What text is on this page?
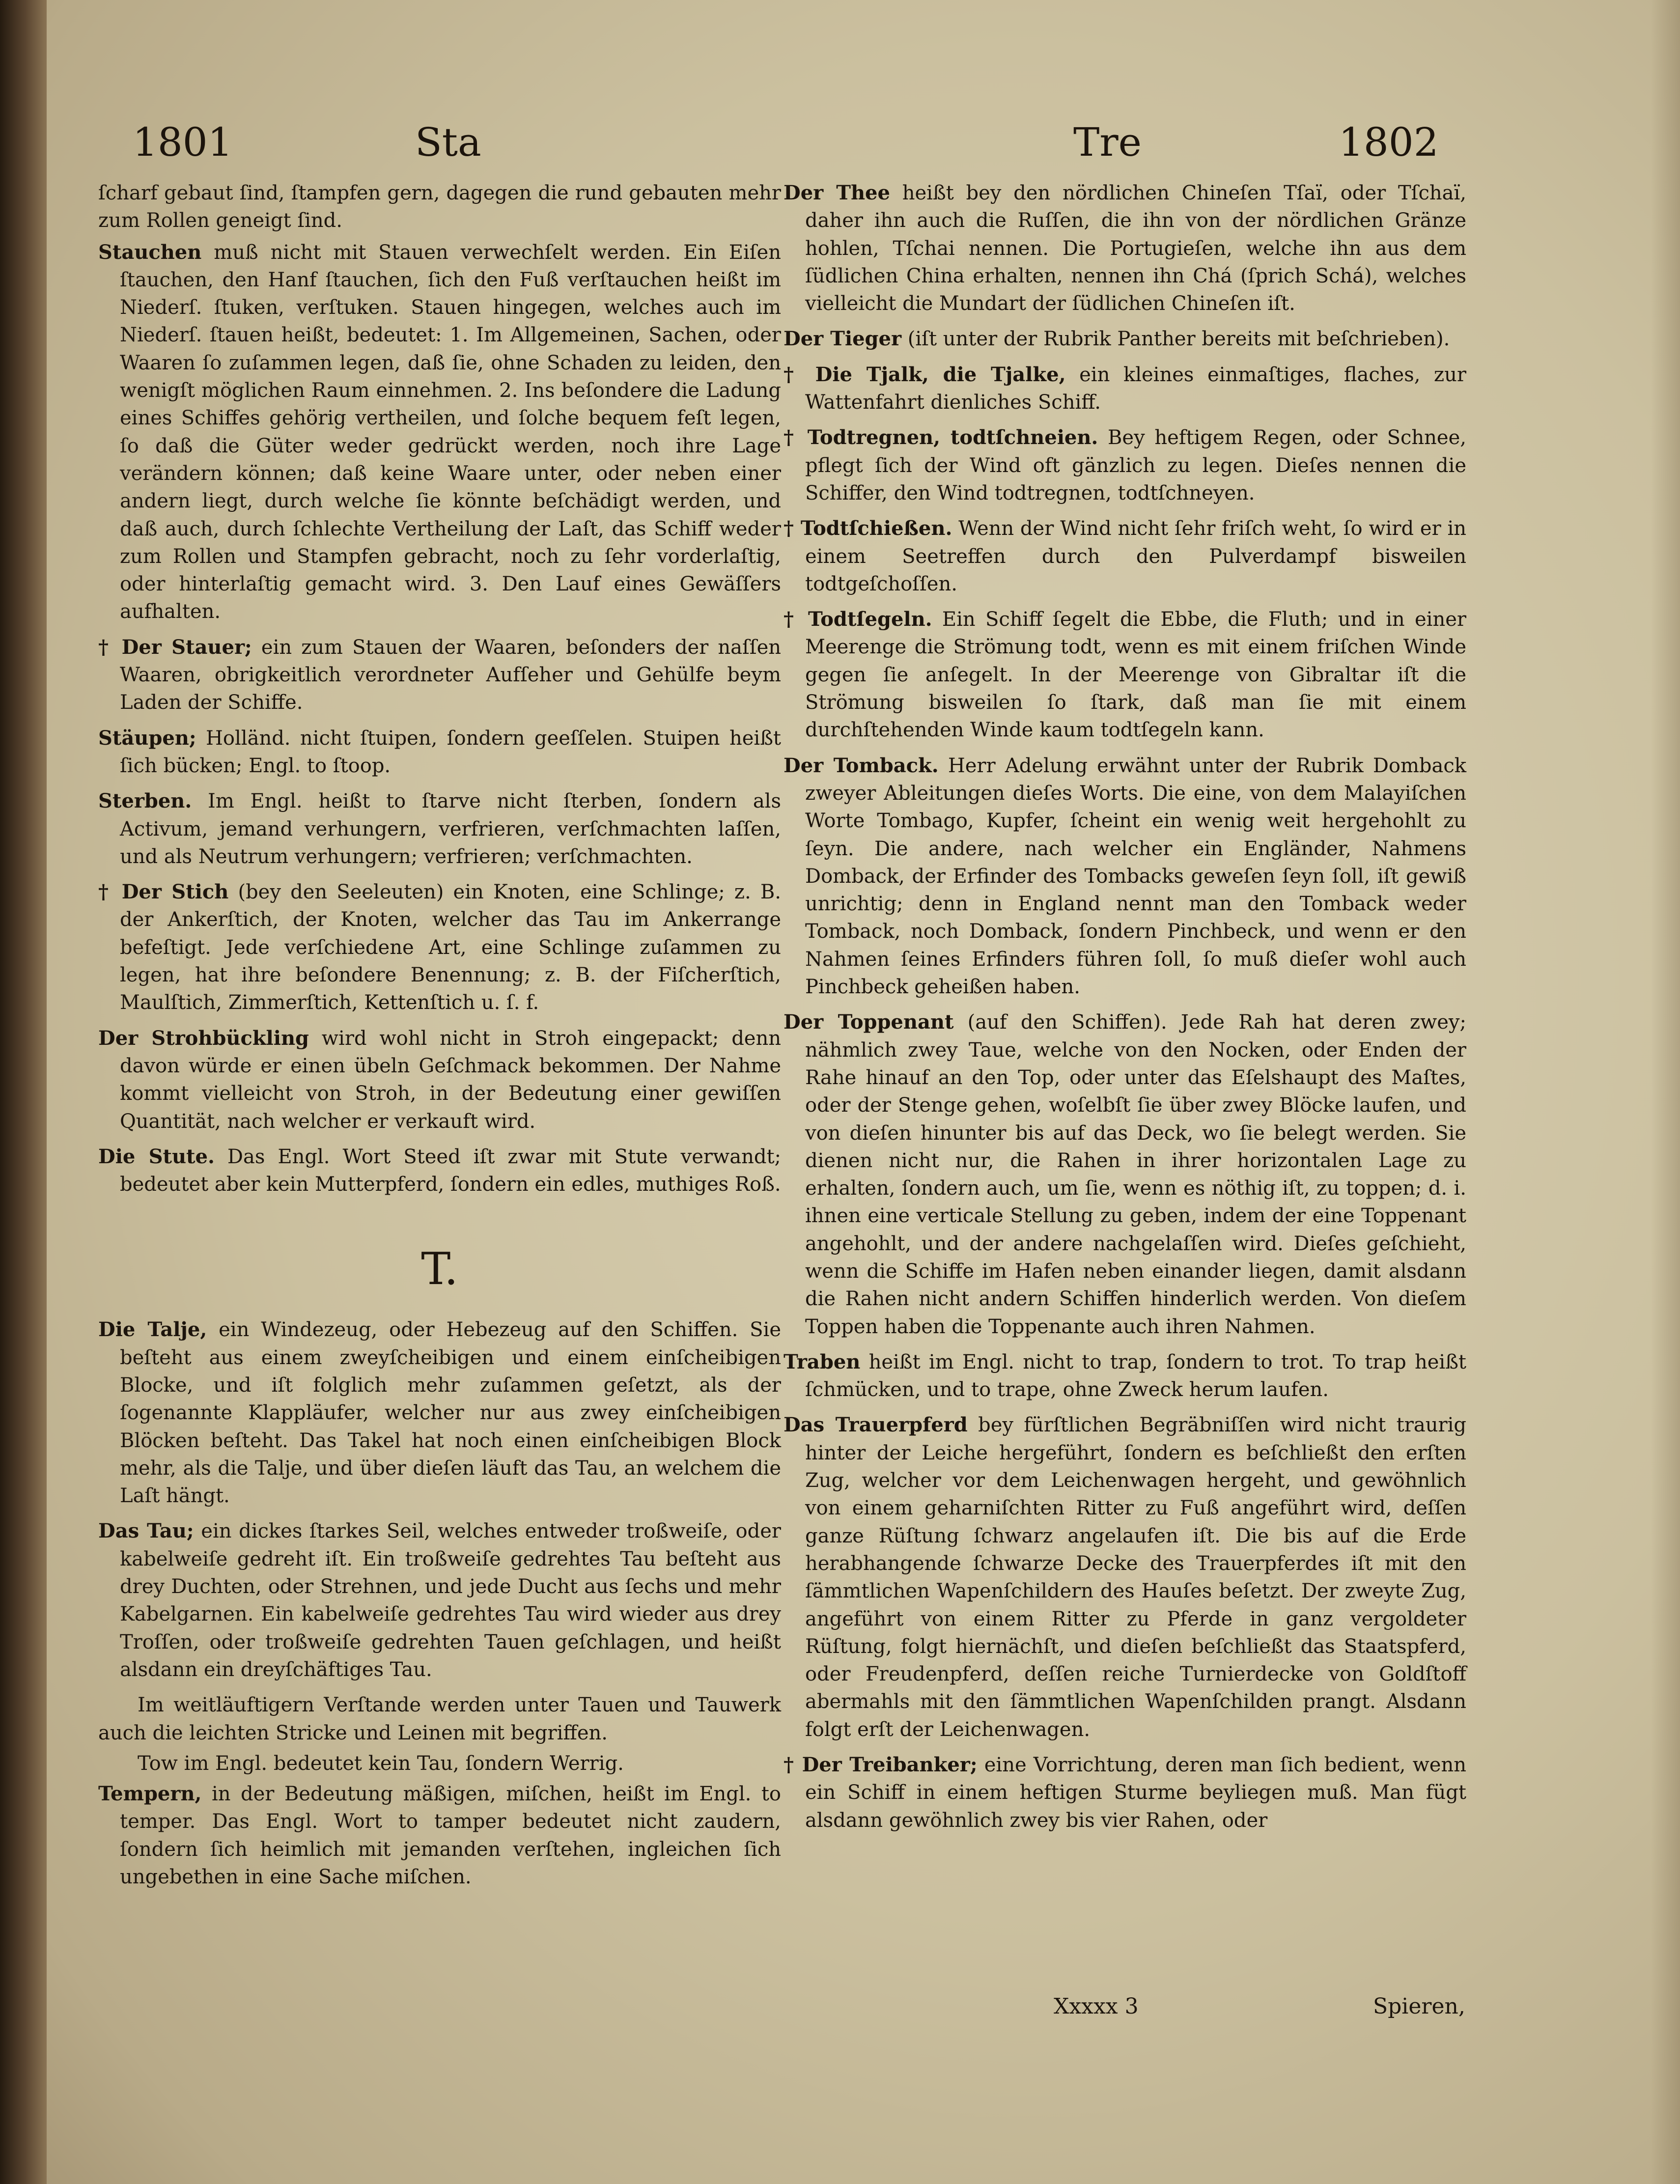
1801	Sta	Tre	1802

ſcharf gebaut ſind, ſtampfen gern, dagegen die rund gebauten mehr zum Rollen geneigt ſind.

Stauchen muß nicht mit Stauen verwechſelt werden. Ein Eiſen ſtauchen, den Hanf ſtauchen, ſich den Fuß verſtauchen heißt im Niederſ. ſtuken, verſtuken. Stauen hingegen, welches auch im Niederſ. ſtauen heißt, bedeutet: 1. Im Allgemeinen, Sachen, oder Waaren ſo zuſammen legen, daß ſie, ohne Schaden zu leiden, den wenigſt möglichen Raum einnehmen. 2. Ins beſondere die Ladung eines Schiffes gehörig vertheilen, und ſolche bequem feſt legen, ſo daß die Güter weder gedrückt werden, noch ihre Lage verändern können; daß keine Waare unter, oder neben einer andern liegt, durch welche ſie könnte beſchädigt werden, und daß auch, durch ſchlechte Vertheilung der Laſt, das Schiff weder zum Rollen und Stampfen gebracht, noch zu ſehr vorderlaſtig, oder hinterlaſtig gemacht wird. 3. Den Lauf eines Gewäſſers aufhalten.

† Der Stauer; ein zum Stauen der Waaren, beſonders der naſſen Waaren, obrigkeitlich verordneter Aufſeher und Gehülfe beym Laden der Schiffe.

Stäupen; Holländ. nicht ſtuipen, ſondern geeſſelen. Stuipen heißt ſich bücken; Engl. to ſtoop.

Sterben. Im Engl. heißt to ſtarve nicht ſterben, ſondern als Activum, jemand verhungern, verfrieren, verſchmachten laſſen, und als Neutrum verhungern; verfrieren; verſchmachten.

† Der Stich (bey den Seeleuten) ein Knoten, eine Schlinge; z. B. der Ankerſtich, der Knoten, welcher das Tau im Ankerrange befeſtigt. Jede verſchiedene Art, eine Schlinge zuſammen zu legen, hat ihre beſondere Benennung; z. B. der Fiſcherſtich, Maulſtich, Zimmerſtich, Kettenſtich u. ſ. f.

Der Strohbückling wird wohl nicht in Stroh eingepackt; denn davon würde er einen übeln Geſchmack bekommen. Der Nahme kommt vielleicht von Stroh, in der Bedeutung einer gewiſſen Quantität, nach welcher er verkauft wird.

Die Stute. Das Engl. Wort Steed iſt zwar mit Stute verwandt; bedeutet aber kein Mutterpferd, ſondern ein edles, muthiges Roß.

T.

Die Talje, ein Windezeug, oder Hebezeug auf den Schiffen. Sie beſteht aus einem zweyſcheibigen und einem einſcheibigen Blocke, und iſt folglich mehr zuſammen geſetzt, als der ſogenannte Klappläufer, welcher nur aus zwey einſcheibigen Blöcken beſteht. Das Takel hat noch einen einſcheibigen Block mehr, als die Talje, und über dieſen läuft das Tau, an welchem die Laſt hängt.

Das Tau; ein dickes ſtarkes Seil, welches entweder troßweiſe, oder kabelweiſe gedreht iſt. Ein troßweiſe gedrehtes Tau beſteht aus drey Duchten, oder Strehnen, und jede Ducht aus ſechs und mehr Kabelgarnen. Ein kabelweiſe gedrehtes Tau wird wieder aus drey Troſſen, oder troßweiſe gedrehten Tauen geſchlagen, und heißt alsdann ein dreyſchäftiges Tau.

Im weitläuftigern Verſtande werden unter Tauen und Tauwerk auch die leichten Stricke und Leinen mit begriffen.

Tow im Engl. bedeutet kein Tau, ſondern Werrig.

Tempern, in der Bedeutung mäßigen, miſchen, heißt im Engl. to temper. Das Engl. Wort to tamper bedeutet nicht zaudern, ſondern ſich heimlich mit jemanden verſtehen, ingleichen ſich ungebethen in eine Sache miſchen.

Der Thee heißt bey den nördlichen Chineſen Tſaï, oder Tſchaï, daher ihn auch die Ruſſen, die ihn von der nördlichen Gränze hohlen, Tſchai nennen. Die Portugieſen, welche ihn aus dem ſüdlichen China erhalten, nennen ihn Chá (ſprich Schá), welches vielleicht die Mundart der ſüdlichen Chineſen iſt.

Der Tieger (iſt unter der Rubrik Panther bereits mit beſchrieben).

† Die Tjalk, die Tjalke, ein kleines einmaſtiges, flaches, zur Wattenfahrt dienliches Schiff.

† Todtregnen, todtſchneien. Bey heftigem Regen, oder Schnee, pflegt ſich der Wind oft gänzlich zu legen. Dieſes nennen die Schiffer, den Wind todtregnen, todtſchneyen.

† Todtſchießen. Wenn der Wind nicht ſehr friſch weht, ſo wird er in einem Seetreffen durch den Pulverdampf bisweilen todtgeſchoſſen.

† Todtſegeln. Ein Schiff ſegelt die Ebbe, die Fluth; und in einer Meerenge die Strömung todt, wenn es mit einem friſchen Winde gegen ſie anſegelt. In der Meerenge von Gibraltar iſt die Strömung bisweilen ſo ſtark, daß man ſie mit einem durchſtehenden Winde kaum todtſegeln kann.

Der Tomback. Herr Adelung erwähnt unter der Rubrik Domback zweyer Ableitungen dieſes Worts. Die eine, von dem Malayiſchen Worte Tombago, Kupfer, ſcheint ein wenig weit hergehohlt zu ſeyn. Die andere, nach welcher ein Engländer, Nahmens Domback, der Erfinder des Tombacks geweſen ſeyn ſoll, iſt gewiß unrichtig; denn in England nennt man den Tomback weder Tomback, noch Domback, ſondern Pinchbeck, und wenn er den Nahmen ſeines Erfinders führen ſoll, ſo muß dieſer wohl auch Pinchbeck geheißen haben.

Der Toppenant (auf den Schiffen). Jede Rah hat deren zwey; nähmlich zwey Taue, welche von den Nocken, oder Enden der Rahe hinauf an den Top, oder unter das Eſelshaupt des Maſtes, oder der Stenge gehen, woſelbſt ſie über zwey Blöcke laufen, und von dieſen hinunter bis auf das Deck, wo ſie belegt werden. Sie dienen nicht nur, die Rahen in ihrer horizontalen Lage zu erhalten, ſondern auch, um ſie, wenn es nöthig iſt, zu toppen; d. i. ihnen eine verticale Stellung zu geben, indem der eine Toppenant angehohlt, und der andere nachgelaſſen wird. Dieſes geſchieht, wenn die Schiffe im Hafen neben einander liegen, damit alsdann die Rahen nicht andern Schiffen hinderlich werden. Von dieſem Toppen haben die Toppenante auch ihren Nahmen.

Traben heißt im Engl. nicht to trap, ſondern to trot. To trap heißt ſchmücken, und to trape, ohne Zweck herum laufen.

Das Trauerpferd bey fürſtlichen Begräbniſſen wird nicht traurig hinter der Leiche hergeführt, ſondern es beſchließt den erſten Zug, welcher vor dem Leichenwagen hergeht, und gewöhnlich von einem geharniſchten Ritter zu Fuß angeführt wird, deſſen ganze Rüſtung ſchwarz angelaufen iſt. Die bis auf die Erde herabhangende ſchwarze Decke des Trauerpferdes iſt mit den ſämmtlichen Wapenſchildern des Hauſes beſetzt. Der zweyte Zug, angeführt von einem Ritter zu Pferde in ganz vergoldeter Rüſtung, folgt hiernächſt, und dieſen beſchließt das Staatspferd, oder Freudenpferd, deſſen reiche Turnierdecke von Goldſtoff abermahls mit den ſämmtlichen Wapenſchilden prangt. Alsdann folgt erſt der Leichenwagen.

† Der Treibanker; eine Vorrichtung, deren man ſich bedient, wenn ein Schiff in einem heftigen Sturme beyliegen muß. Man fügt alsdann gewöhnlich zwey bis vier Rahen, oder

Xxxxx 3	Spieren,
